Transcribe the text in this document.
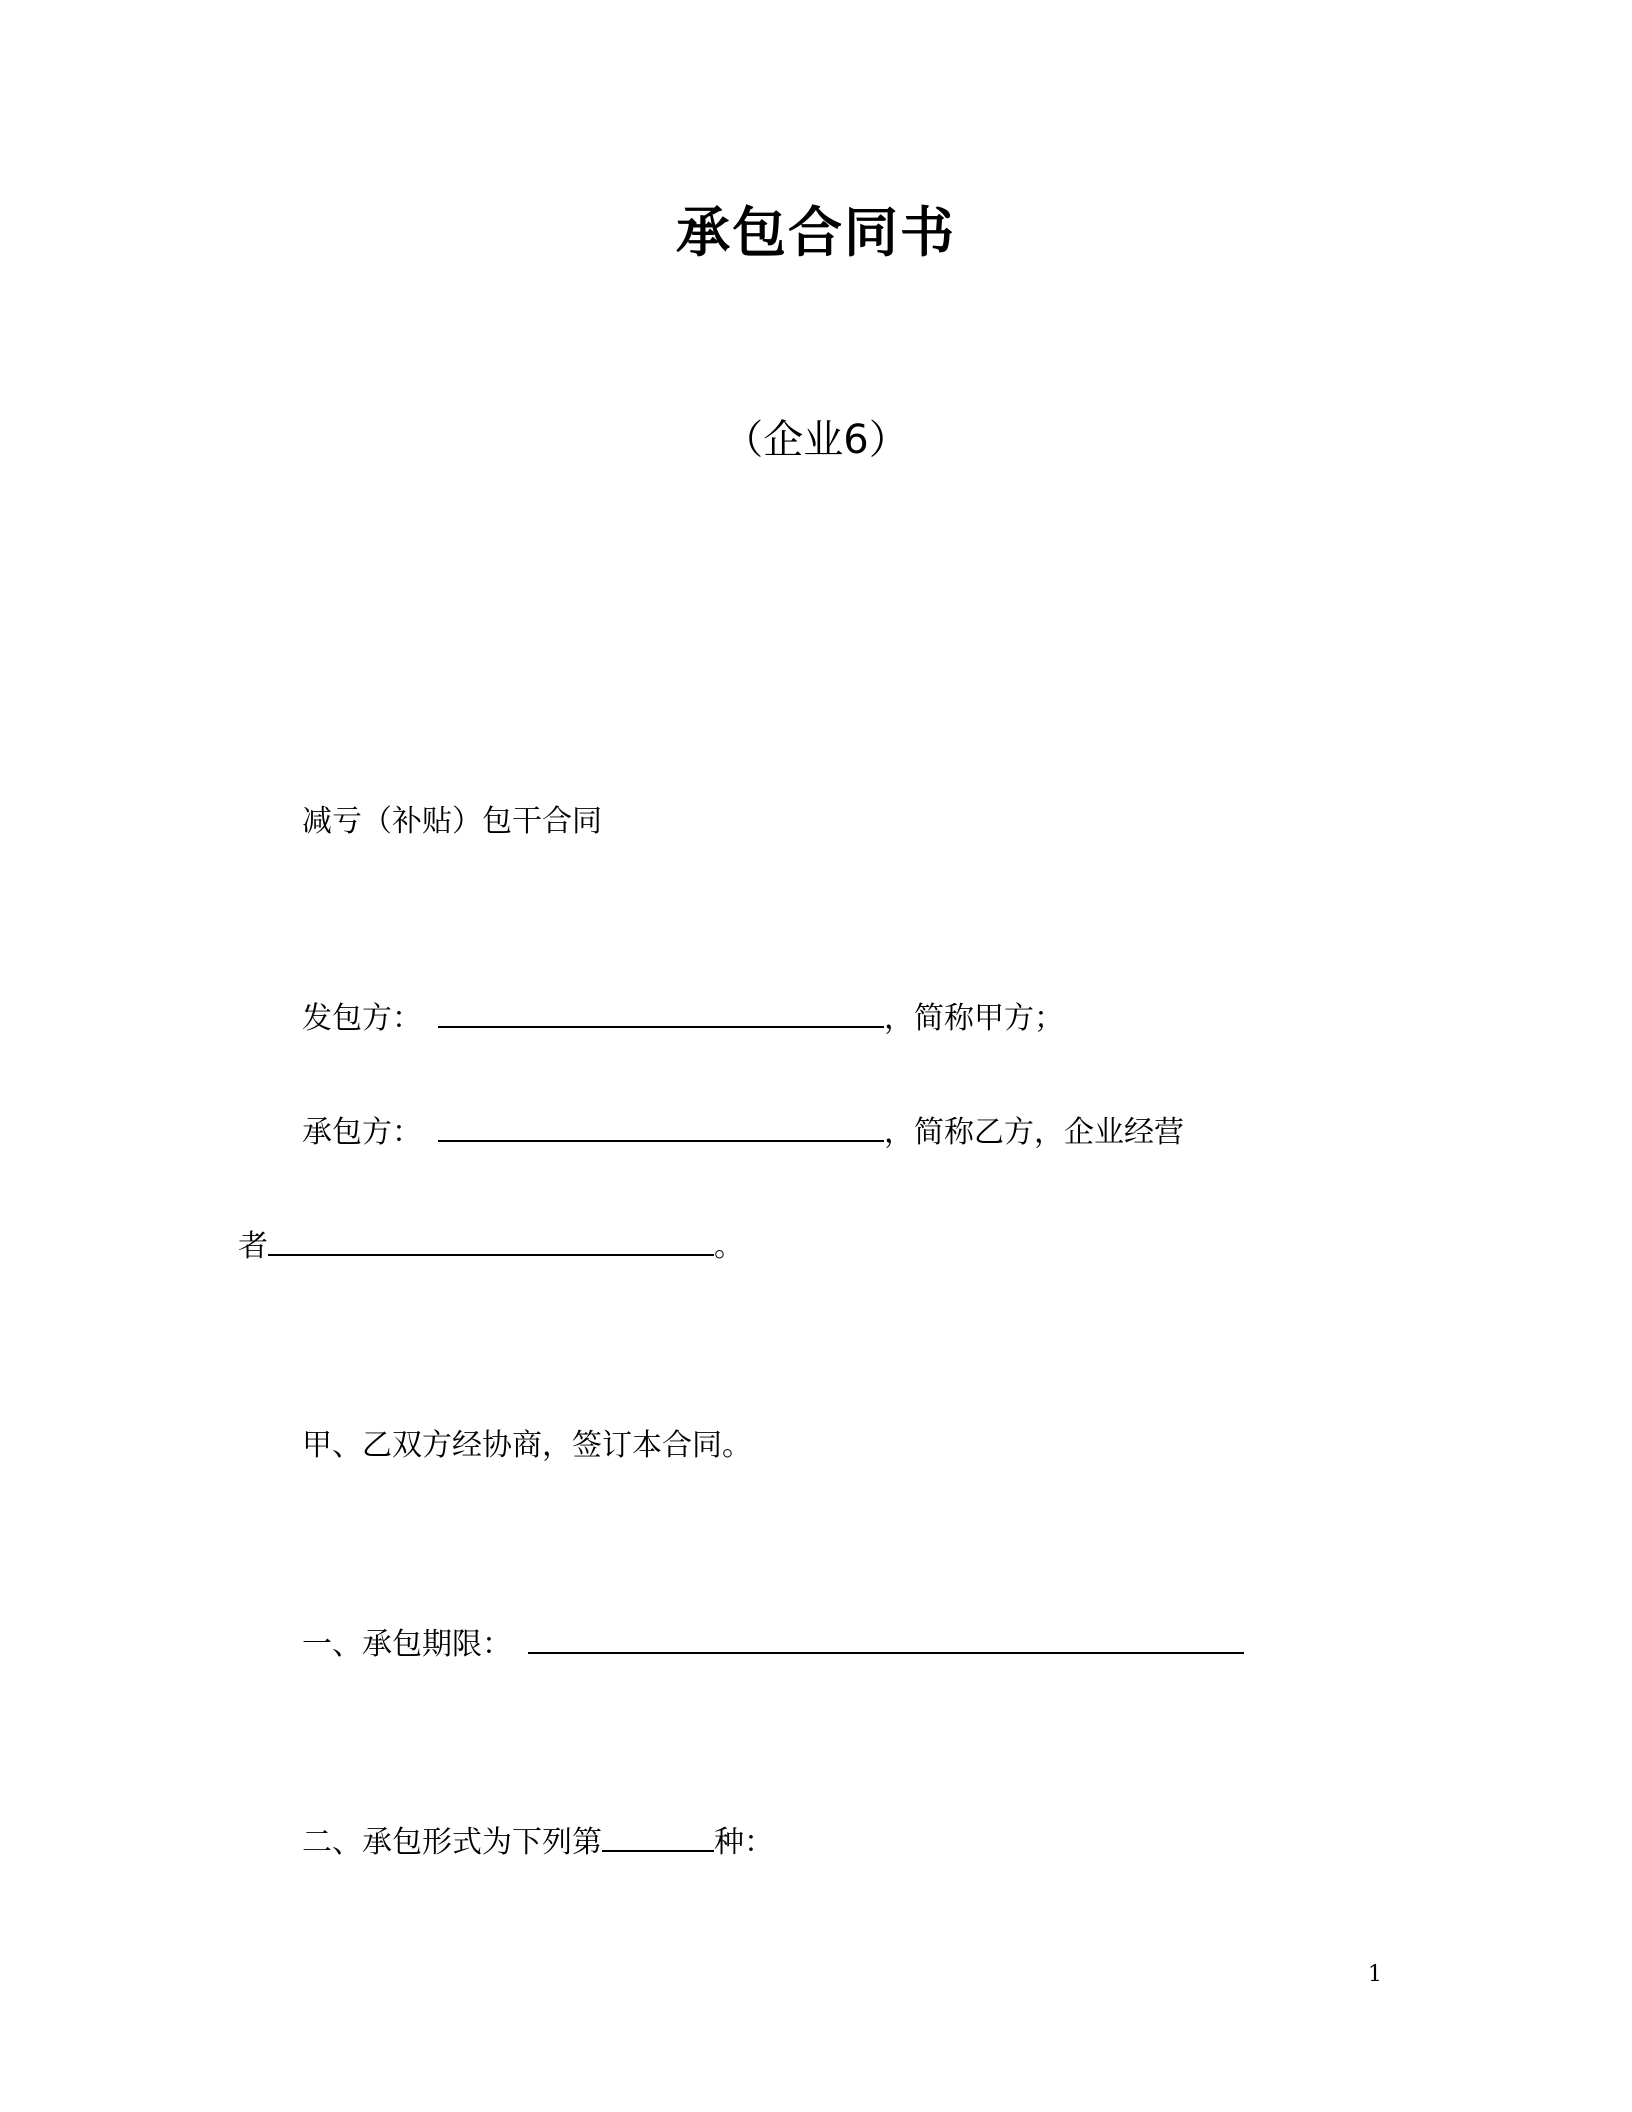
承包合同书
（企业6）
减亏（补贴）包干合同
发包方：	，简称甲方；
承包方：	，简称乙方，企业经营
者	。
甲、乙双方经协商，签订本合同。
一、承包期限：
二、承包形式为下列第	种：
1
